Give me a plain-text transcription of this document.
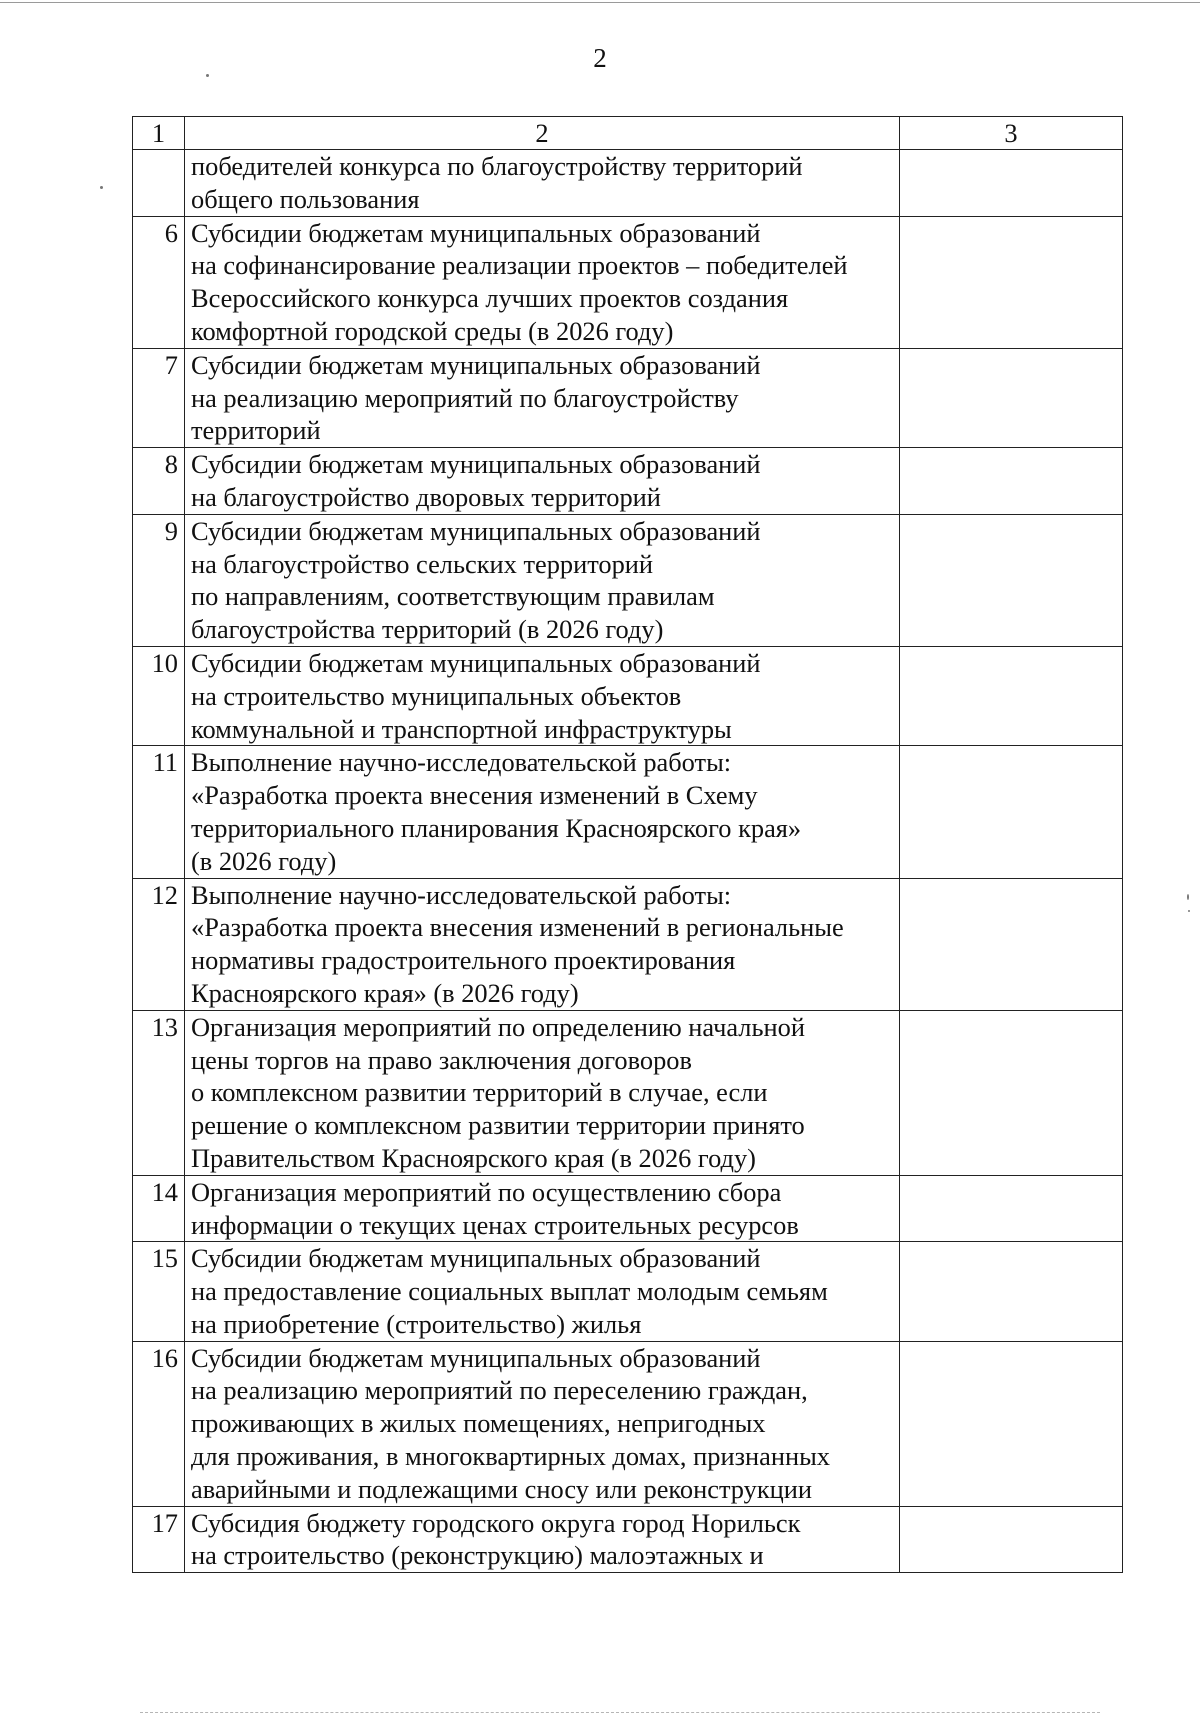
2
1	2	3

	победителей конкурса по благоустройству территорий
общего пользования	

6	Субсидии бюджетам муниципальных образований
на софинансирование реализации проектов – победителей
Всероссийского конкурса лучших проектов создания
комфортной городской среды (в 2026 году)	

7	Субсидии бюджетам муниципальных образований
на реализацию мероприятий по благоустройству
территорий	

8	Субсидии бюджетам муниципальных образований
на благоустройство дворовых территорий	

9	Субсидии бюджетам муниципальных образований
на благоустройство сельских территорий
по направлениям, соответствующим правилам
благоустройства территорий (в 2026 году)	

10	Субсидии бюджетам муниципальных образований
на строительство муниципальных объектов
коммунальной и транспортной инфраструктуры	

11	Выполнение научно-исследовательской работы:
«Разработка проекта внесения изменений в Схему
территориального планирования Красноярского края»
(в 2026 году)	

12	Выполнение научно-исследовательской работы:
«Разработка проекта внесения изменений в региональные
нормативы градостроительного проектирования
Красноярского края» (в 2026 году)	

13	Организация мероприятий по определению начальной
цены торгов на право заключения договоров
о комплексном развитии территорий в случае, если
решение о комплексном развитии территории принято
Правительством Красноярского края (в 2026 году)	

14	Организация мероприятий по осуществлению сбора
информации о текущих ценах строительных ресурсов	

15	Субсидии бюджетам муниципальных образований
на предоставление социальных выплат молодым семьям
на приобретение (строительство) жилья	

16	Субсидии бюджетам муниципальных образований
на реализацию мероприятий по переселению граждан,
проживающих в жилых помещениях, непригодных
для проживания, в многоквартирных домах, признанных
аварийными и подлежащими сносу или реконструкции	

17	Субсидия бюджету городского округа город Норильск
на строительство (реконструкцию) малоэтажных и	
